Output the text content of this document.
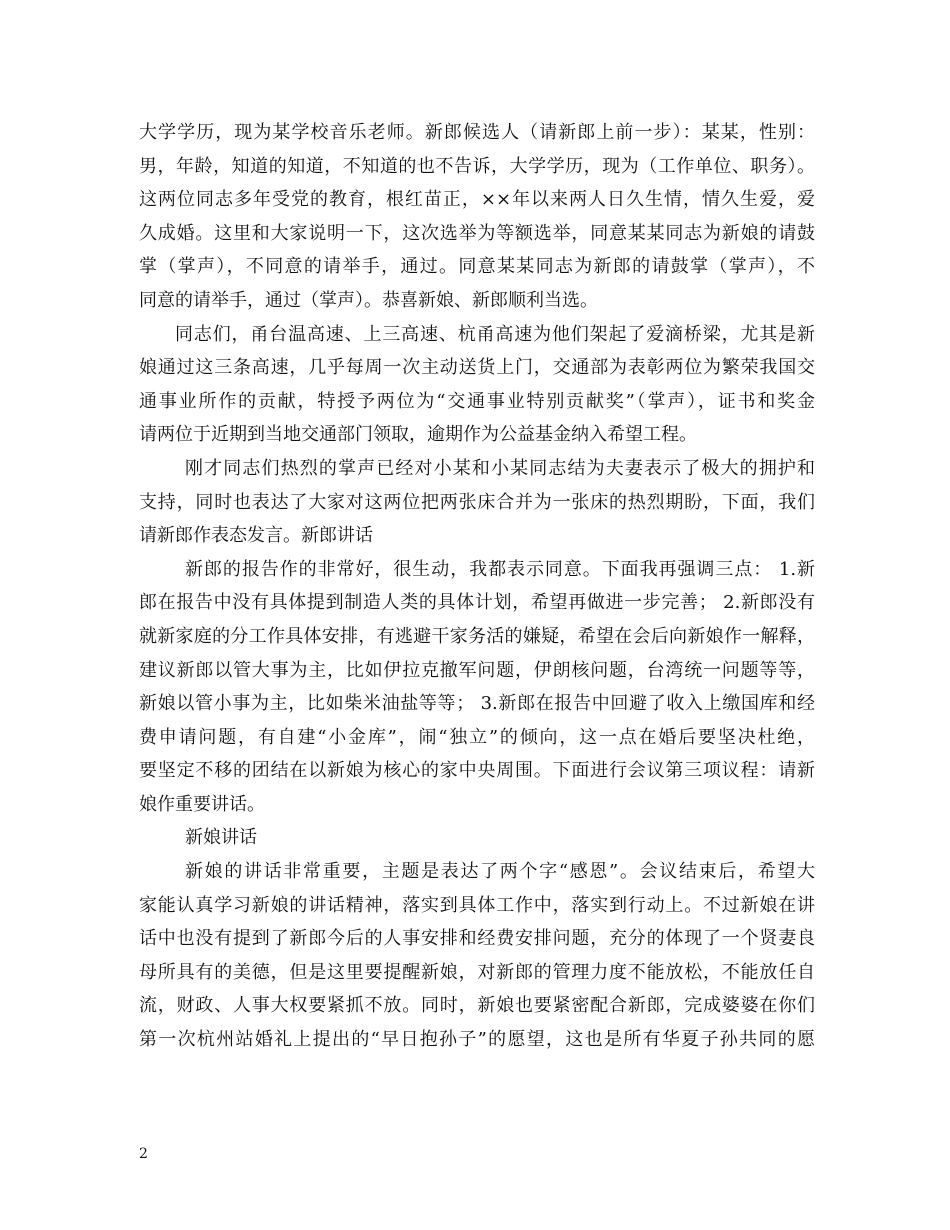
大学学历，现为某学校音乐老师。新郎候选人（请新郎上前一步）：某某，性别：
男，年龄，知道的知道，不知道的也不告诉，大学学历，现为（工作单位、职务）。
这两位同志多年受党的教育，根红苗正，××年以来两人日久生情，情久生爱，爱
久成婚。这里和大家说明一下，这次选举为等额选举，同意某某同志为新娘的请鼓
掌（掌声），不同意的请举手，通过。同意某某同志为新郎的请鼓掌（掌声），不
同意的请举手，通过（掌声）。恭喜新娘、新郎顺利当选。
同志们，甬台温高速、上三高速、杭甬高速为他们架起了爱滴桥梁，尤其是新
娘通过这三条高速，几乎每周一次主动送货上门，交通部为表彰两位为繁荣我国交
通事业所作的贡献，特授予两位为“交通事业特别贡献奖”（掌声），证书和奖金
请两位于近期到当地交通部门领取，逾期作为公益基金纳入希望工程。
刚才同志们热烈的掌声已经对小某和小某同志结为夫妻表示了极大的拥护和
支持，同时也表达了大家对这两位把两张床合并为一张床的热烈期盼，下面，我们
请新郎作表态发言。新郎讲话
新郎的报告作的非常好，很生动，我都表示同意。下面我再强调三点： 1.新
郎在报告中没有具体提到制造人类的具体计划，希望再做进一步完善； 2.新郎没有
就新家庭的分工作具体安排，有逃避干家务活的嫌疑，希望在会后向新娘作一解释，
建议新郎以管大事为主，比如伊拉克撤军问题，伊朗核问题，台湾统一问题等等，
新娘以管小事为主，比如柴米油盐等等； 3.新郎在报告中回避了收入上缴国库和经
费申请问题，有自建“小金库”，闹“独立”的倾向，这一点在婚后要坚决杜绝，
要坚定不移的团结在以新娘为核心的家中央周围。下面进行会议第三项议程：请新
娘作重要讲话。
新娘讲话
新娘的讲话非常重要，主题是表达了两个字“感恩”。会议结束后，希望大
家能认真学习新娘的讲话精神，落实到具体工作中，落实到行动上。不过新娘在讲
话中也没有提到了新郎今后的人事安排和经费安排问题，充分的体现了一个贤妻良
母所具有的美德，但是这里要提醒新娘，对新郎的管理力度不能放松，不能放任自
流，财政、人事大权要紧抓不放。同时，新娘也要紧密配合新郎，完成婆婆在你们
第一次杭州站婚礼上提出的“早日抱孙子”的愿望，这也是所有华夏子孙共同的愿
2
